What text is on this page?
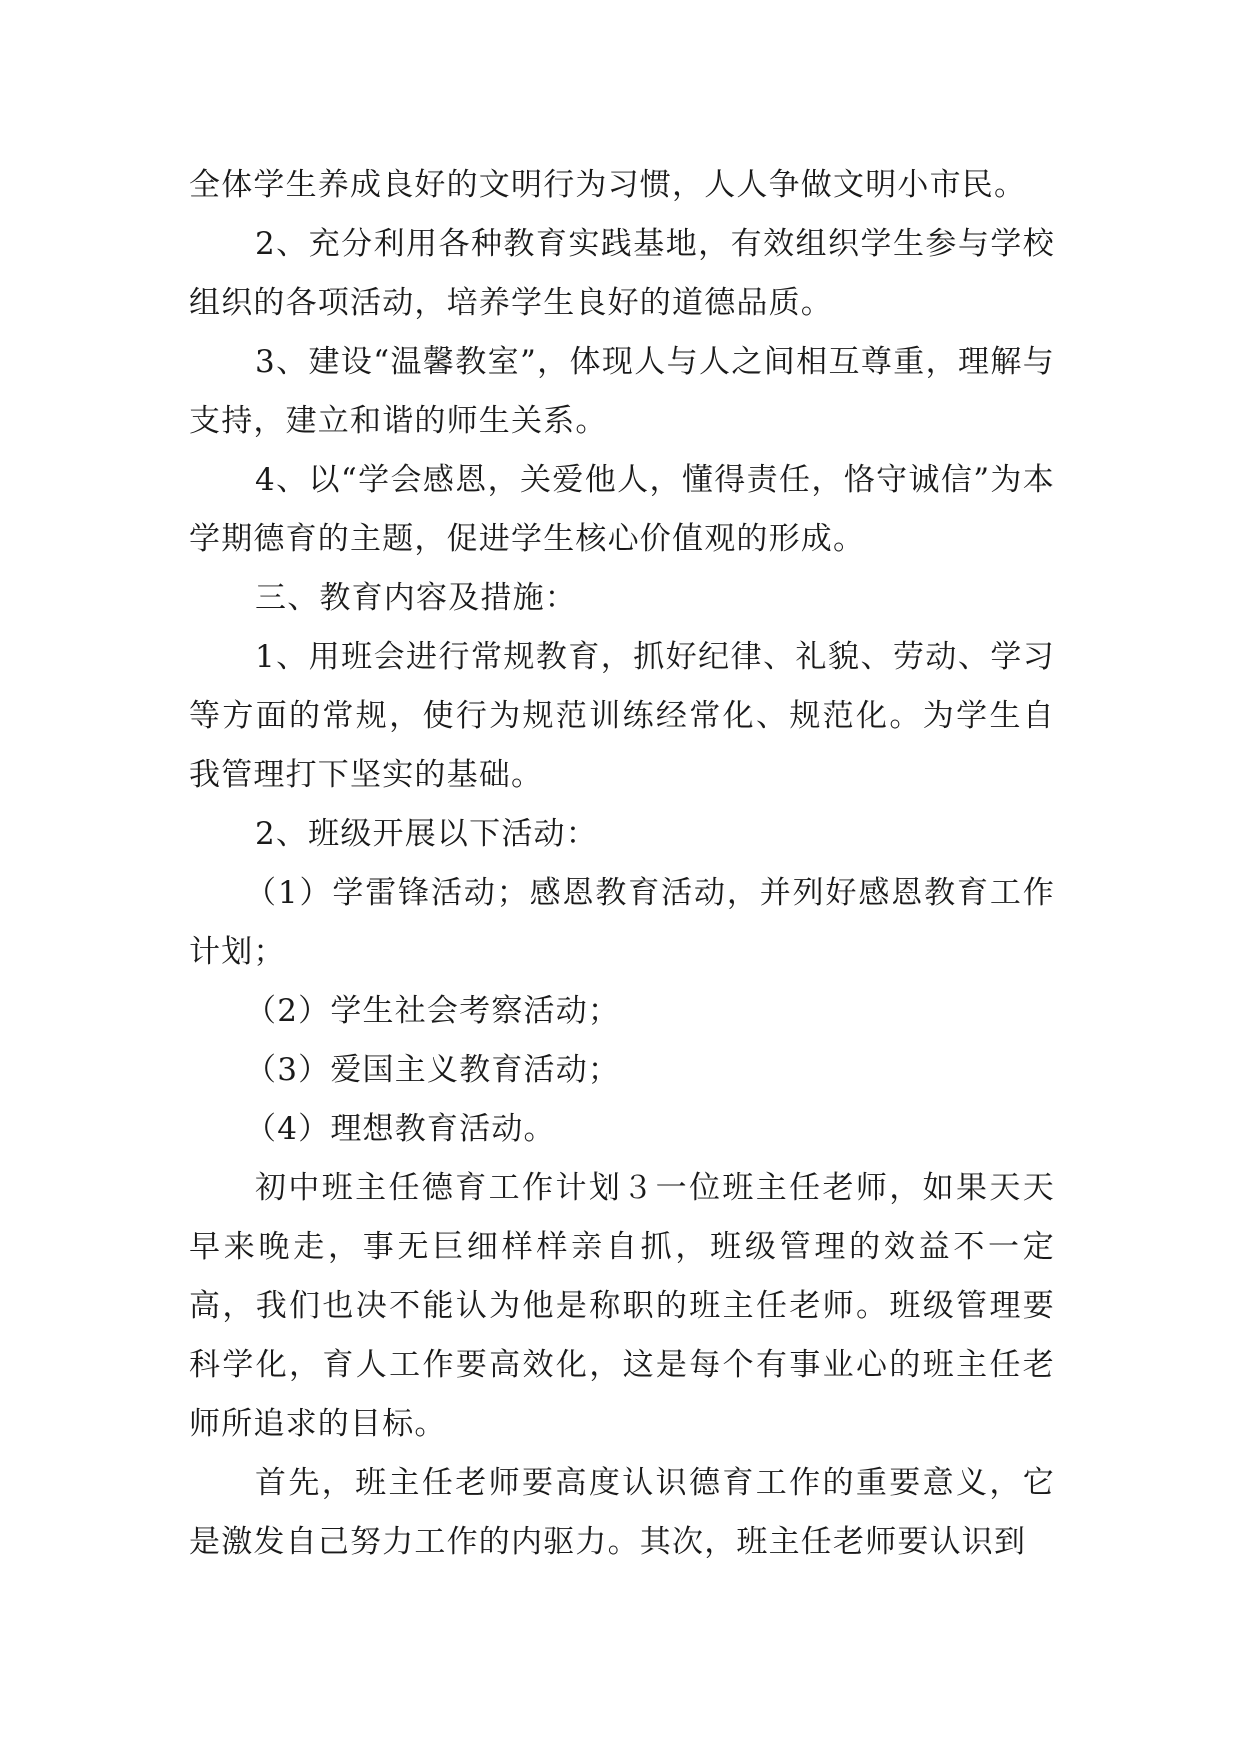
全体学生养成良好的文明行为习惯，人人争做文明小市民。

2、充分利用各种教育实践基地，有效组织学生参与学校组织的各项活动，培养学生良好的道德品质。

3、建设“温馨教室”，体现人与人之间相互尊重，理解与支持，建立和谐的师生关系。

4、以“学会感恩，关爱他人，懂得责任，恪守诚信”为本学期德育的主题，促进学生核心价值观的形成。

三、教育内容及措施：

1、用班会进行常规教育，抓好纪律、礼貌、劳动、学习等方面的常规，使行为规范训练经常化、规范化。为学生自我管理打下坚实的基础。

2、班级开展以下活动：

（1）学雷锋活动；感恩教育活动，并列好感恩教育工作计划；

（2）学生社会考察活动；

（3）爱国主义教育活动；

（4）理想教育活动。

初中班主任德育工作计划３一位班主任老师，如果天天早来晚走，事无巨细样样亲自抓，班级管理的效益不一定高，我们也决不能认为他是称职的班主任老师。班级管理要科学化，育人工作要高效化，这是每个有事业心的班主任老师所追求的目标。

首先，班主任老师要高度认识德育工作的重要意义，它是激发自己努力工作的内驱力。其次，班主任老师要认识到
